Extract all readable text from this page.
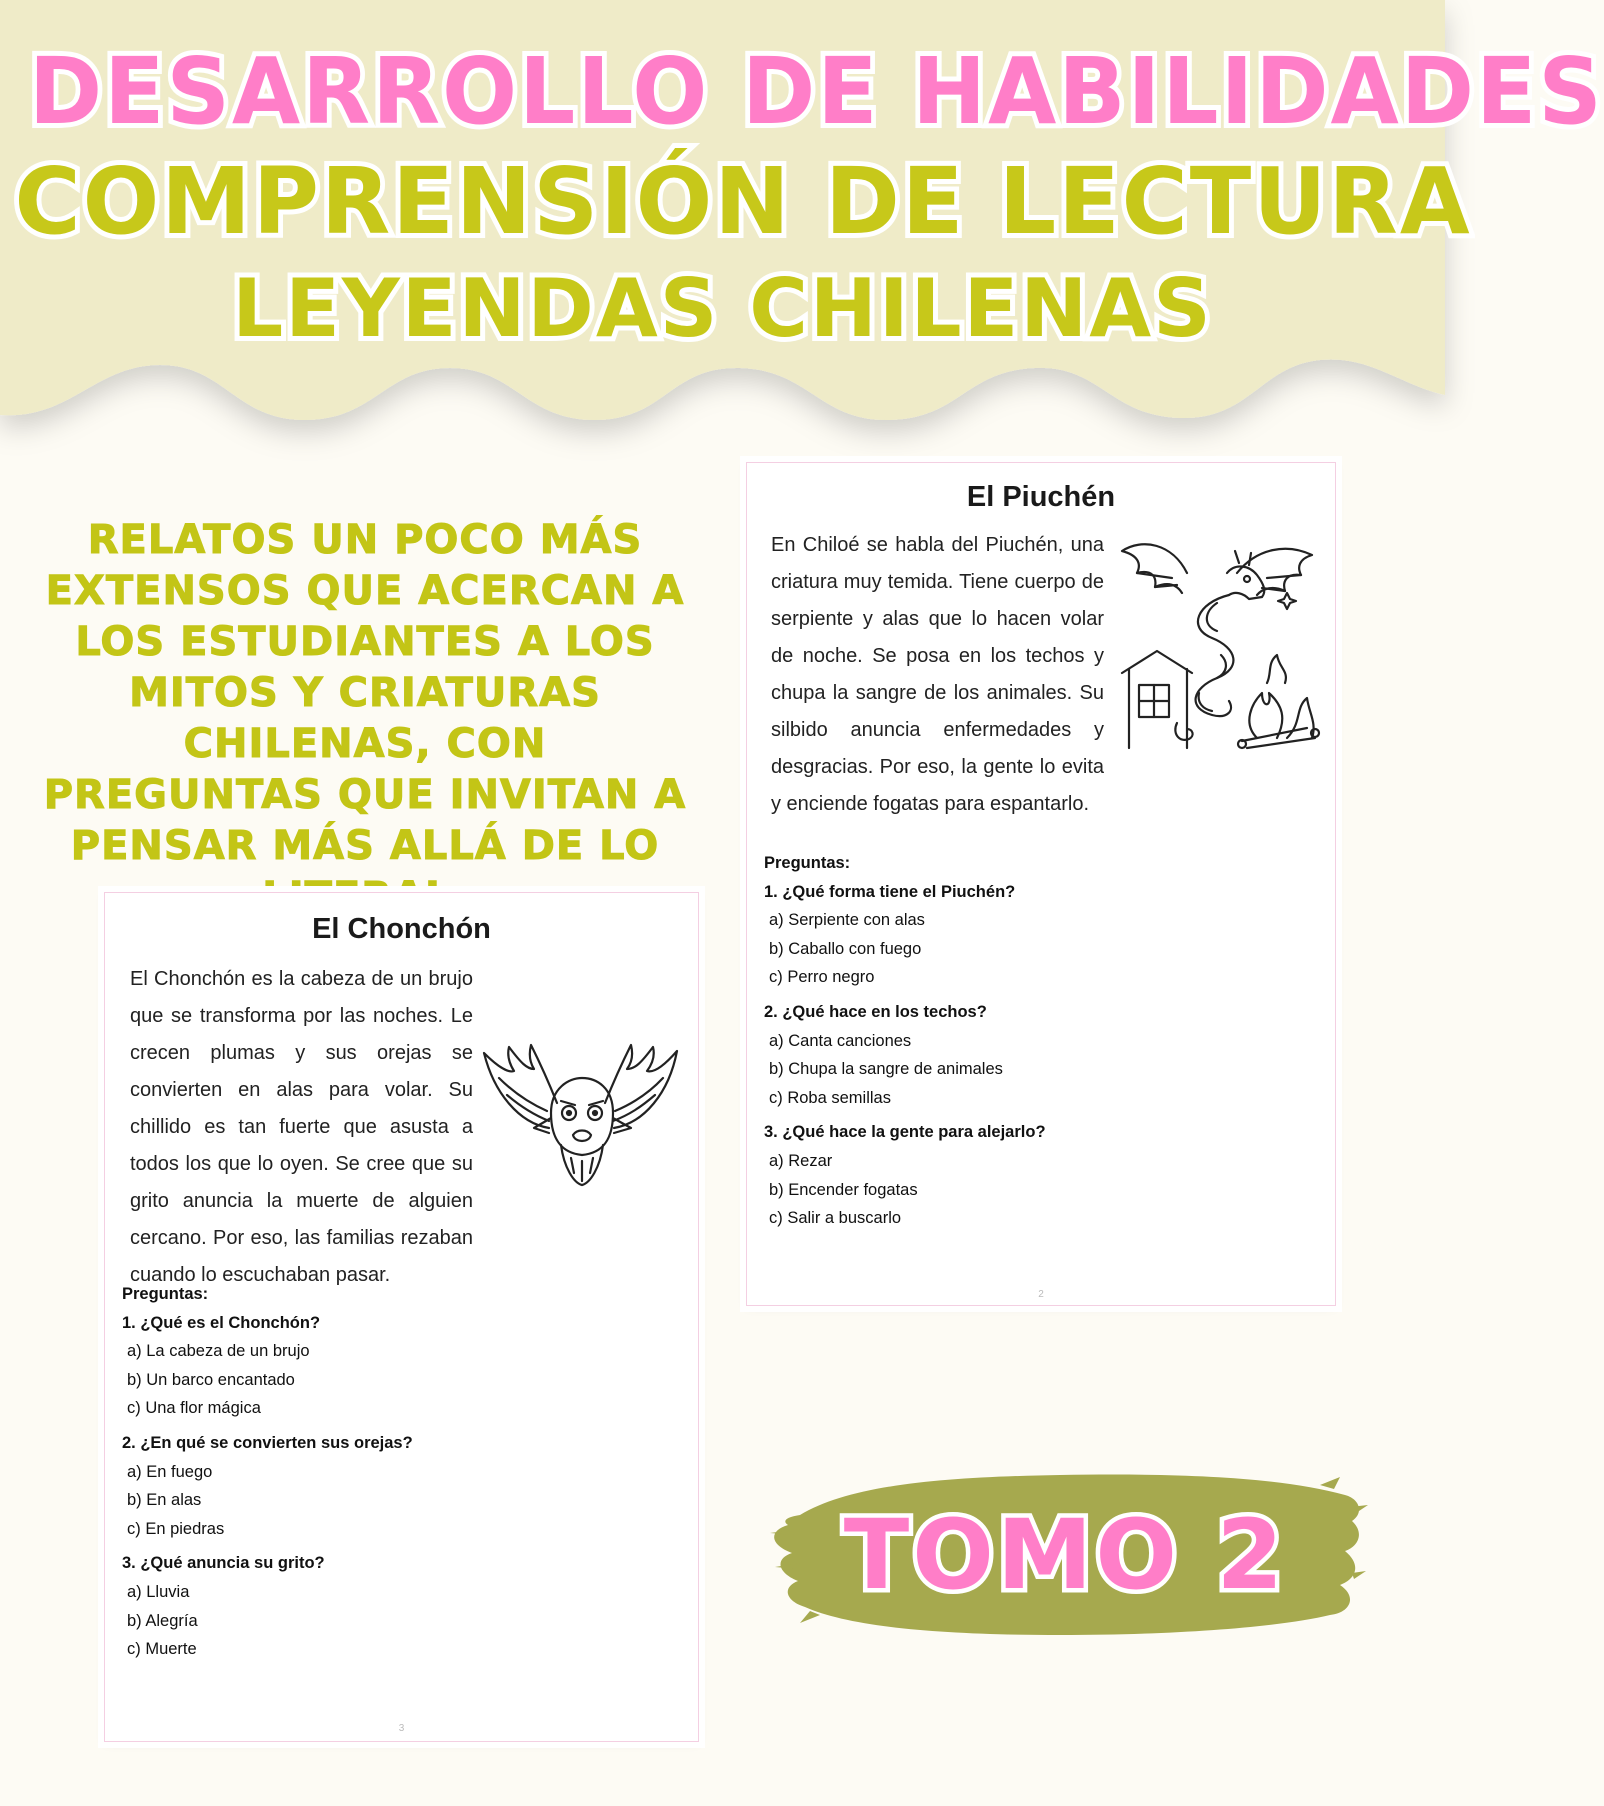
DESARROLLO DE HABILIDADES
COMPRENSIÓN DE LECTURA
LEYENDAS CHILENAS
RELATOS UN POCO MÁS EXTENSOS QUE ACERCAN A LOS ESTUDIANTES A LOS MITOS Y CRIATURAS CHILENAS, CON PREGUNTAS QUE INVITAN A PENSAR MÁS ALLÁ DE LO
El Piuchén
En Chiloé se habla del Piuchén, una criatura muy temida. Tiene cuerpo de serpiente y alas que lo hacen volar de noche. Se posa en los techos y chupa la sangre de los animales. Su silbido anuncia enfermedades y desgracias. Por eso, la gente lo evita y enciende fogatas para espantarlo.
Preguntas:
1. ¿Qué forma tiene el Piuchén?
a) Serpiente con alas
b) Caballo con fuego
c) Perro negro
2. ¿Qué hace en los techos?
a) Canta canciones
b) Chupa la sangre de animales
c) Roba semillas
3. ¿Qué hace la gente para alejarlo?
a) Rezar
b) Encender fogatas
c) Salir a buscarlo
2
El Chonchón
El Chonchón es la cabeza de un brujo que se transforma por las noches. Le crecen plumas y sus orejas se convierten en alas para volar. Su chillido es tan fuerte que asusta a todos los que lo oyen. Se cree que su grito anuncia la muerte de alguien cercano. Por eso, las familias rezaban cuando lo escuchaban pasar.
Preguntas:
1. ¿Qué es el Chonchón?
a) La cabeza de un brujo
b) Un barco encantado
c) Una flor mágica
2. ¿En qué se convierten sus orejas?
a) En fuego
b) En alas
c) En piedras
3. ¿Qué anuncia su grito?
a) Lluvia
b) Alegría
c) Muerte
3
TOMO 2
